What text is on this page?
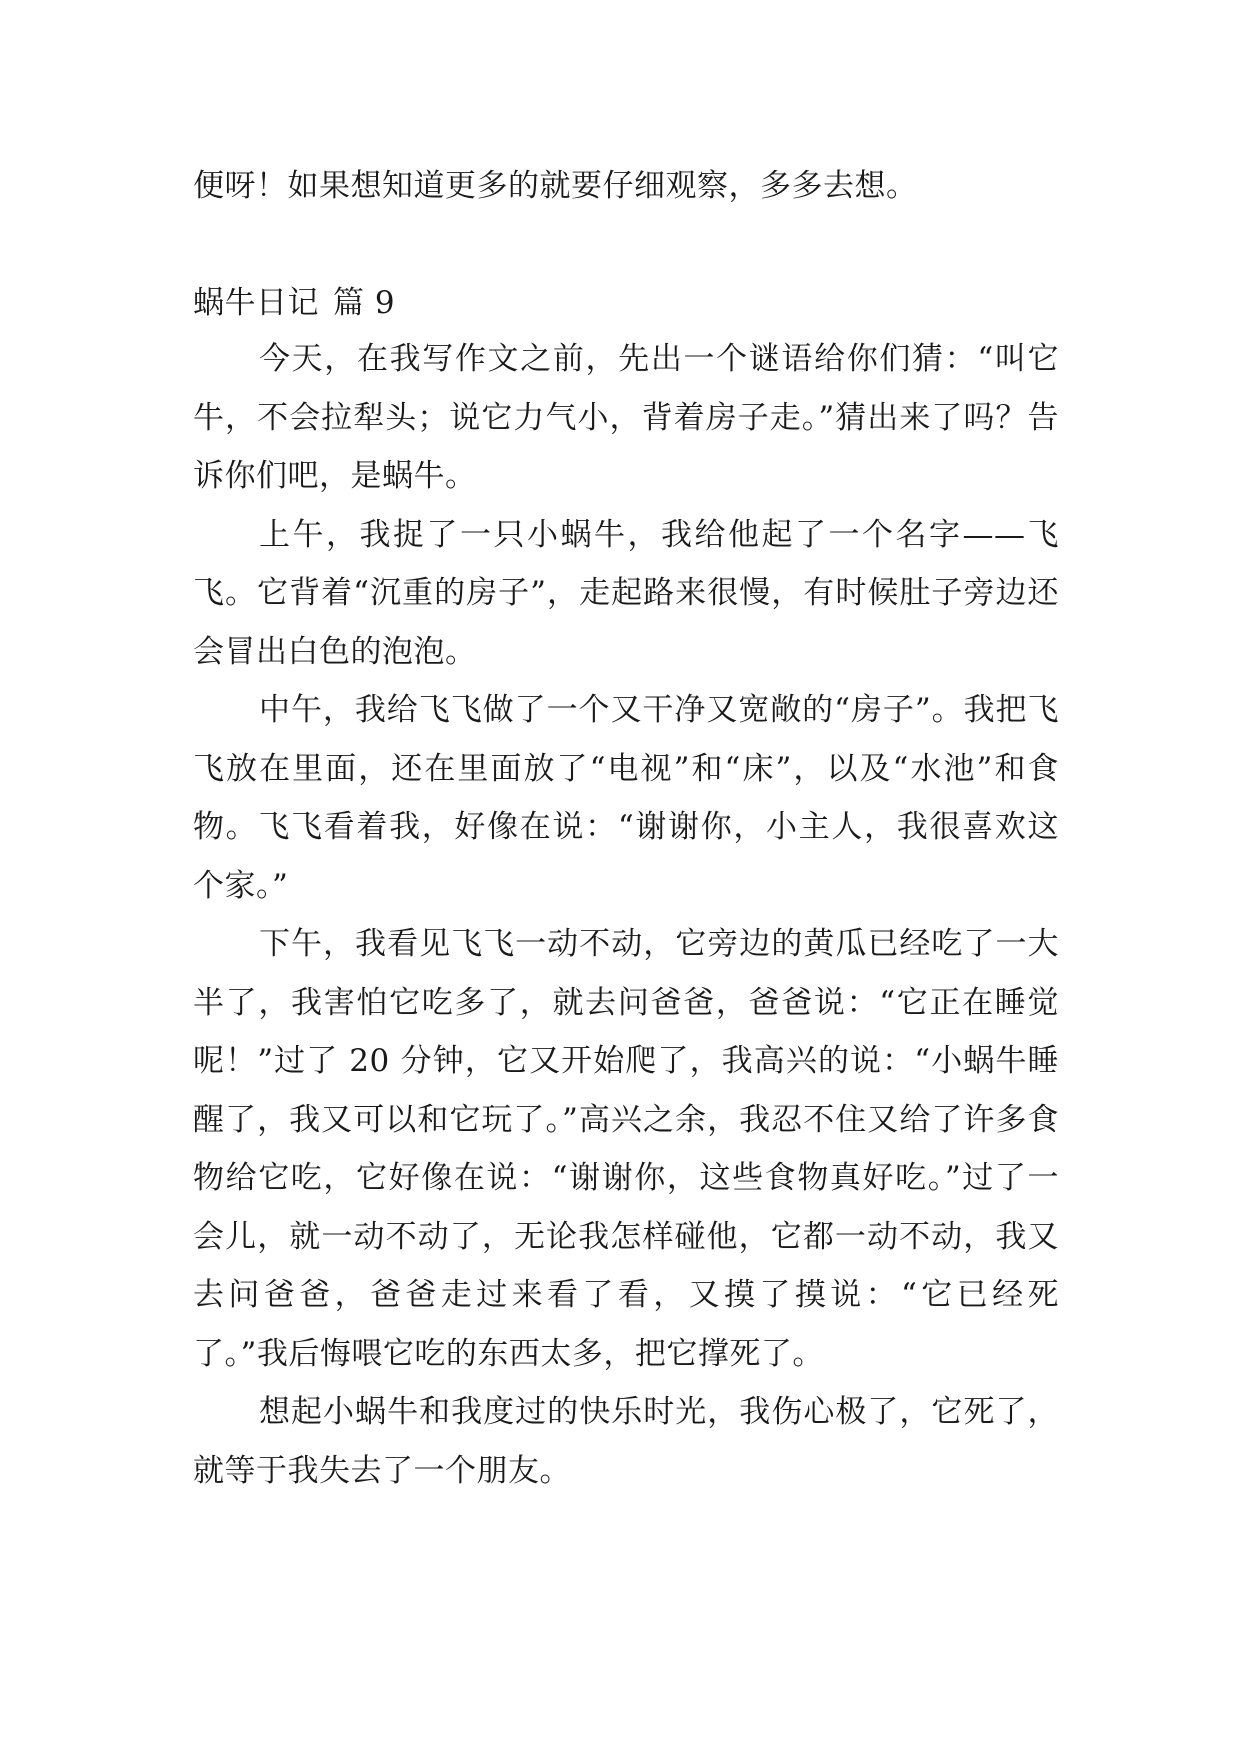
便呀！如果想知道更多的就要仔细观察，多多去想。

蜗牛日记 篇 9

今天，在我写作文之前，先出一个谜语给你们猜：“叫它牛，不会拉犁头；说它力气小，背着房子走。”猜出来了吗？告诉你们吧，是蜗牛。

上午，我捉了一只小蜗牛，我给他起了一个名字——飞飞。它背着“沉重的房子”，走起路来很慢，有时候肚子旁边还会冒出白色的泡泡。

中午，我给飞飞做了一个又干净又宽敞的“房子”。我把飞飞放在里面，还在里面放了“电视”和“床”，以及“水池”和食物。飞飞看着我，好像在说：“谢谢你，小主人，我很喜欢这个家。”

下午，我看见飞飞一动不动，它旁边的黄瓜已经吃了一大半了，我害怕它吃多了，就去问爸爸，爸爸说：“它正在睡觉呢！”过了 20 分钟，它又开始爬了，我高兴的说：“小蜗牛睡醒了，我又可以和它玩了。”高兴之余，我忍不住又给了许多食物给它吃，它好像在说：“谢谢你，这些食物真好吃。”过了一会儿，就一动不动了，无论我怎样碰他，它都一动不动，我又去问爸爸，爸爸走过来看了看，又摸了摸说：“它已经死了。”我后悔喂它吃的东西太多，把它撑死了。

想起小蜗牛和我度过的快乐时光，我伤心极了，它死了，就等于我失去了一个朋友。
